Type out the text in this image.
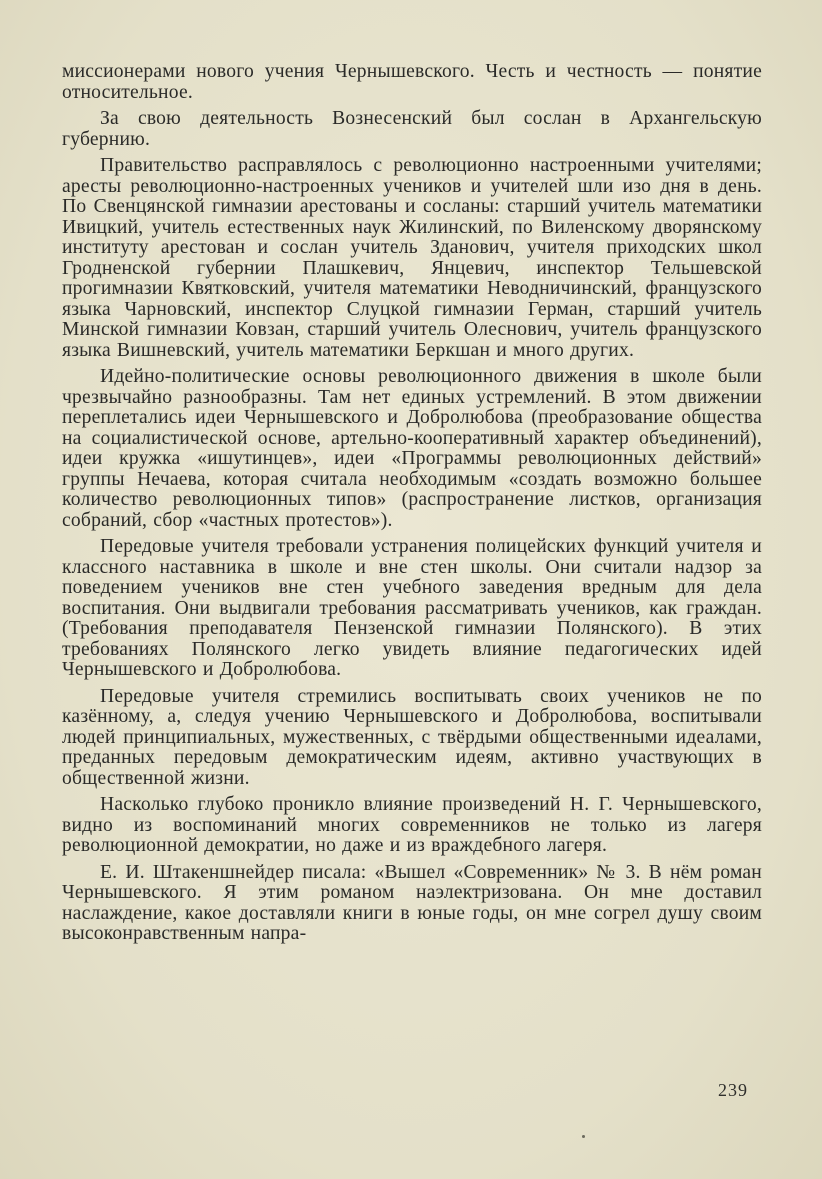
миссионерами нового учения Чернышевского. Честь и честность — понятие относительное.

За свою деятельность Вознесенский был сослан в Архангельскую губернию.

Правительство расправлялось с революционно настроенными учителями; аресты революционно-настроенных учеников и учителей шли изо дня в день. По Свенцянской гимназии арестованы и сосланы: старший учитель математики Ивицкий, учитель естественных наук Жилинский, по Виленскому дворянскому институту арестован и сослан учитель Зданович, учителя приходских школ Гродненской губернии Плашкевич, Янцевич, инспектор Тельшевской прогимназии Квятковский, учителя математики Неводничинский, французского языка Чарновский, инспектор Слуцкой гимназии Герман, старший учитель Минской гимназии Ковзан, старший учитель Олеснович, учитель французского языка Вишневский, учитель математики Беркшан и много других.

Идейно-политические основы революционного движения в школе были чрезвычайно разнообразны. Там нет единых устремлений. В этом движении переплетались идеи Чернышевского и Добролюбова (преобразование общества на социалистической основе, артельно-кооперативный характер объединений), идеи кружка «ишутинцев», идеи «Программы революционных действий» группы Нечаева, которая считала необходимым «создать возможно большее количество революционных типов» (распространение листков, организация собраний, сбор «частных протестов»).

Передовые учителя требовали устранения полицейских функций учителя и классного наставника в школе и вне стен школы. Они считали надзор за поведением учеников вне стен учебного заведения вредным для дела воспитания. Они выдвигали требования рассматривать учеников, как граждан. (Требования преподавателя Пензенской гимназии Полянского). В этих требованиях Полянского легко увидеть влияние педагогических идей Чернышевского и Добролюбова.

Передовые учителя стремились воспитывать своих учеников не по казённому, а, следуя учению Чернышевского и Добролюбова, воспитывали людей принципиальных, мужественных, с твёрдыми общественными идеалами, преданных передовым демократическим идеям, активно участвующих в общественной жизни.

Насколько глубоко проникло влияние произведений Н. Г. Чернышевского, видно из воспоминаний многих современников не только из лагеря революционной демократии, но даже и из враждебного лагеря.

Е. И. Штакеншнейдер писала: «Вышел «Современник» № 3. В нём роман Чернышевского. Я этим романом наэлектризована. Он мне доставил наслаждение, какое доставляли книги в юные годы, он мне согрел душу своим высоконравственным напра-

239
